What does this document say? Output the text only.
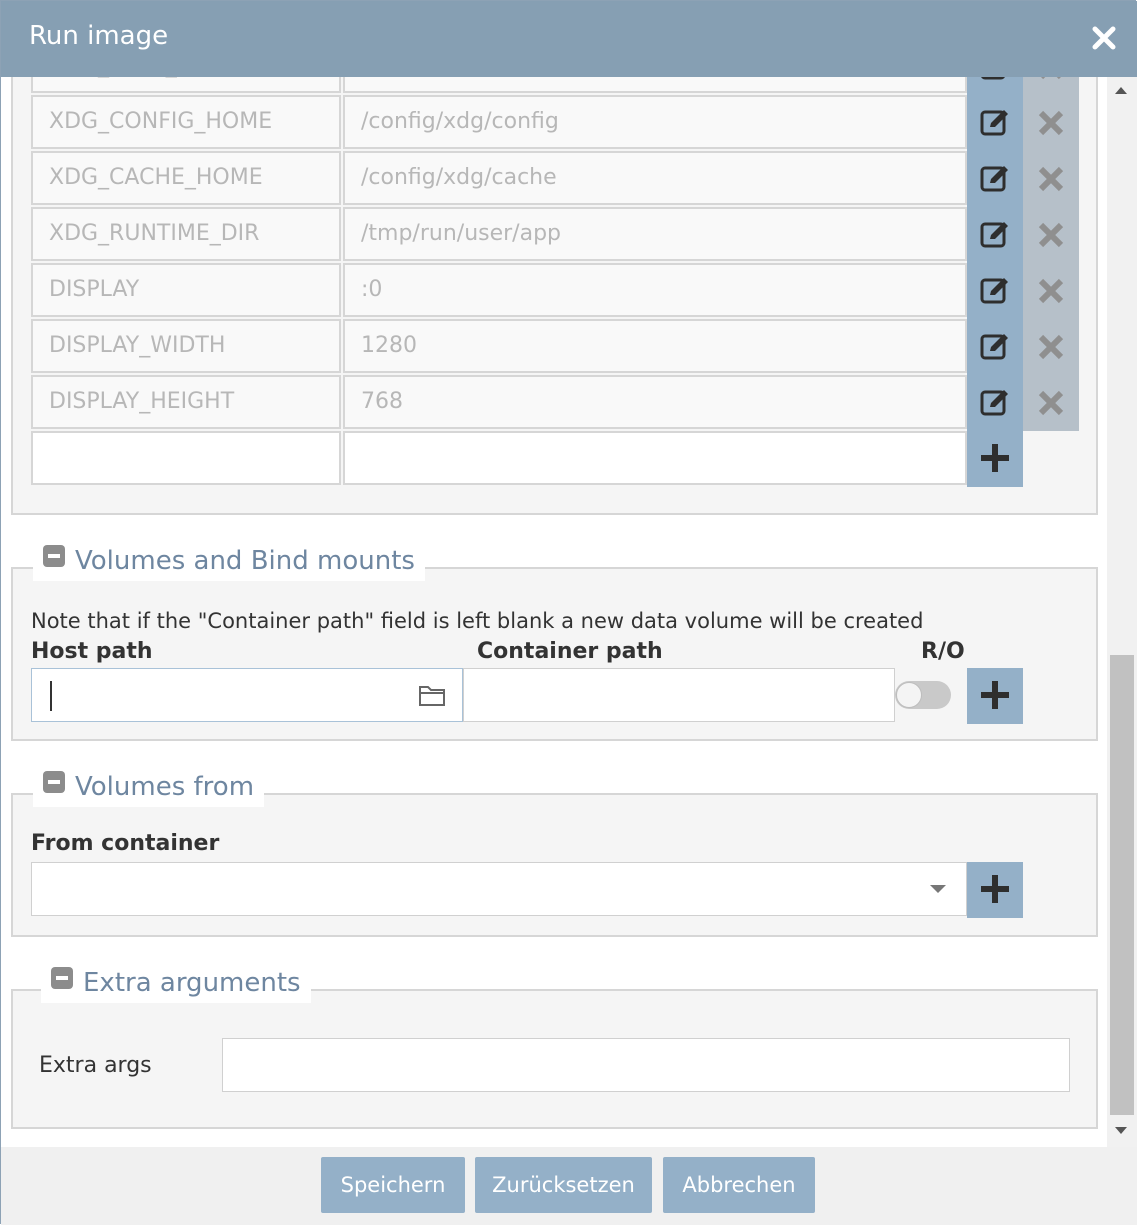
Run image
XDG_CONFIG_HOME	/config/xdg/config
XDG_CACHE_HOME	/config/xdg/cache
XDG_RUNTIME_DIR	/tmp/run/user/app
DISPLAY	:0
DISPLAY_WIDTH	1280
DISPLAY_HEIGHT	768
Volumes and Bind mounts
Note that if the "Container path" field is left blank a new data volume will be created
Host path	Container path	R/O
Volumes from
From container
Extra arguments
Extra args
Speichern	Zurücksetzen	Abbrechen
